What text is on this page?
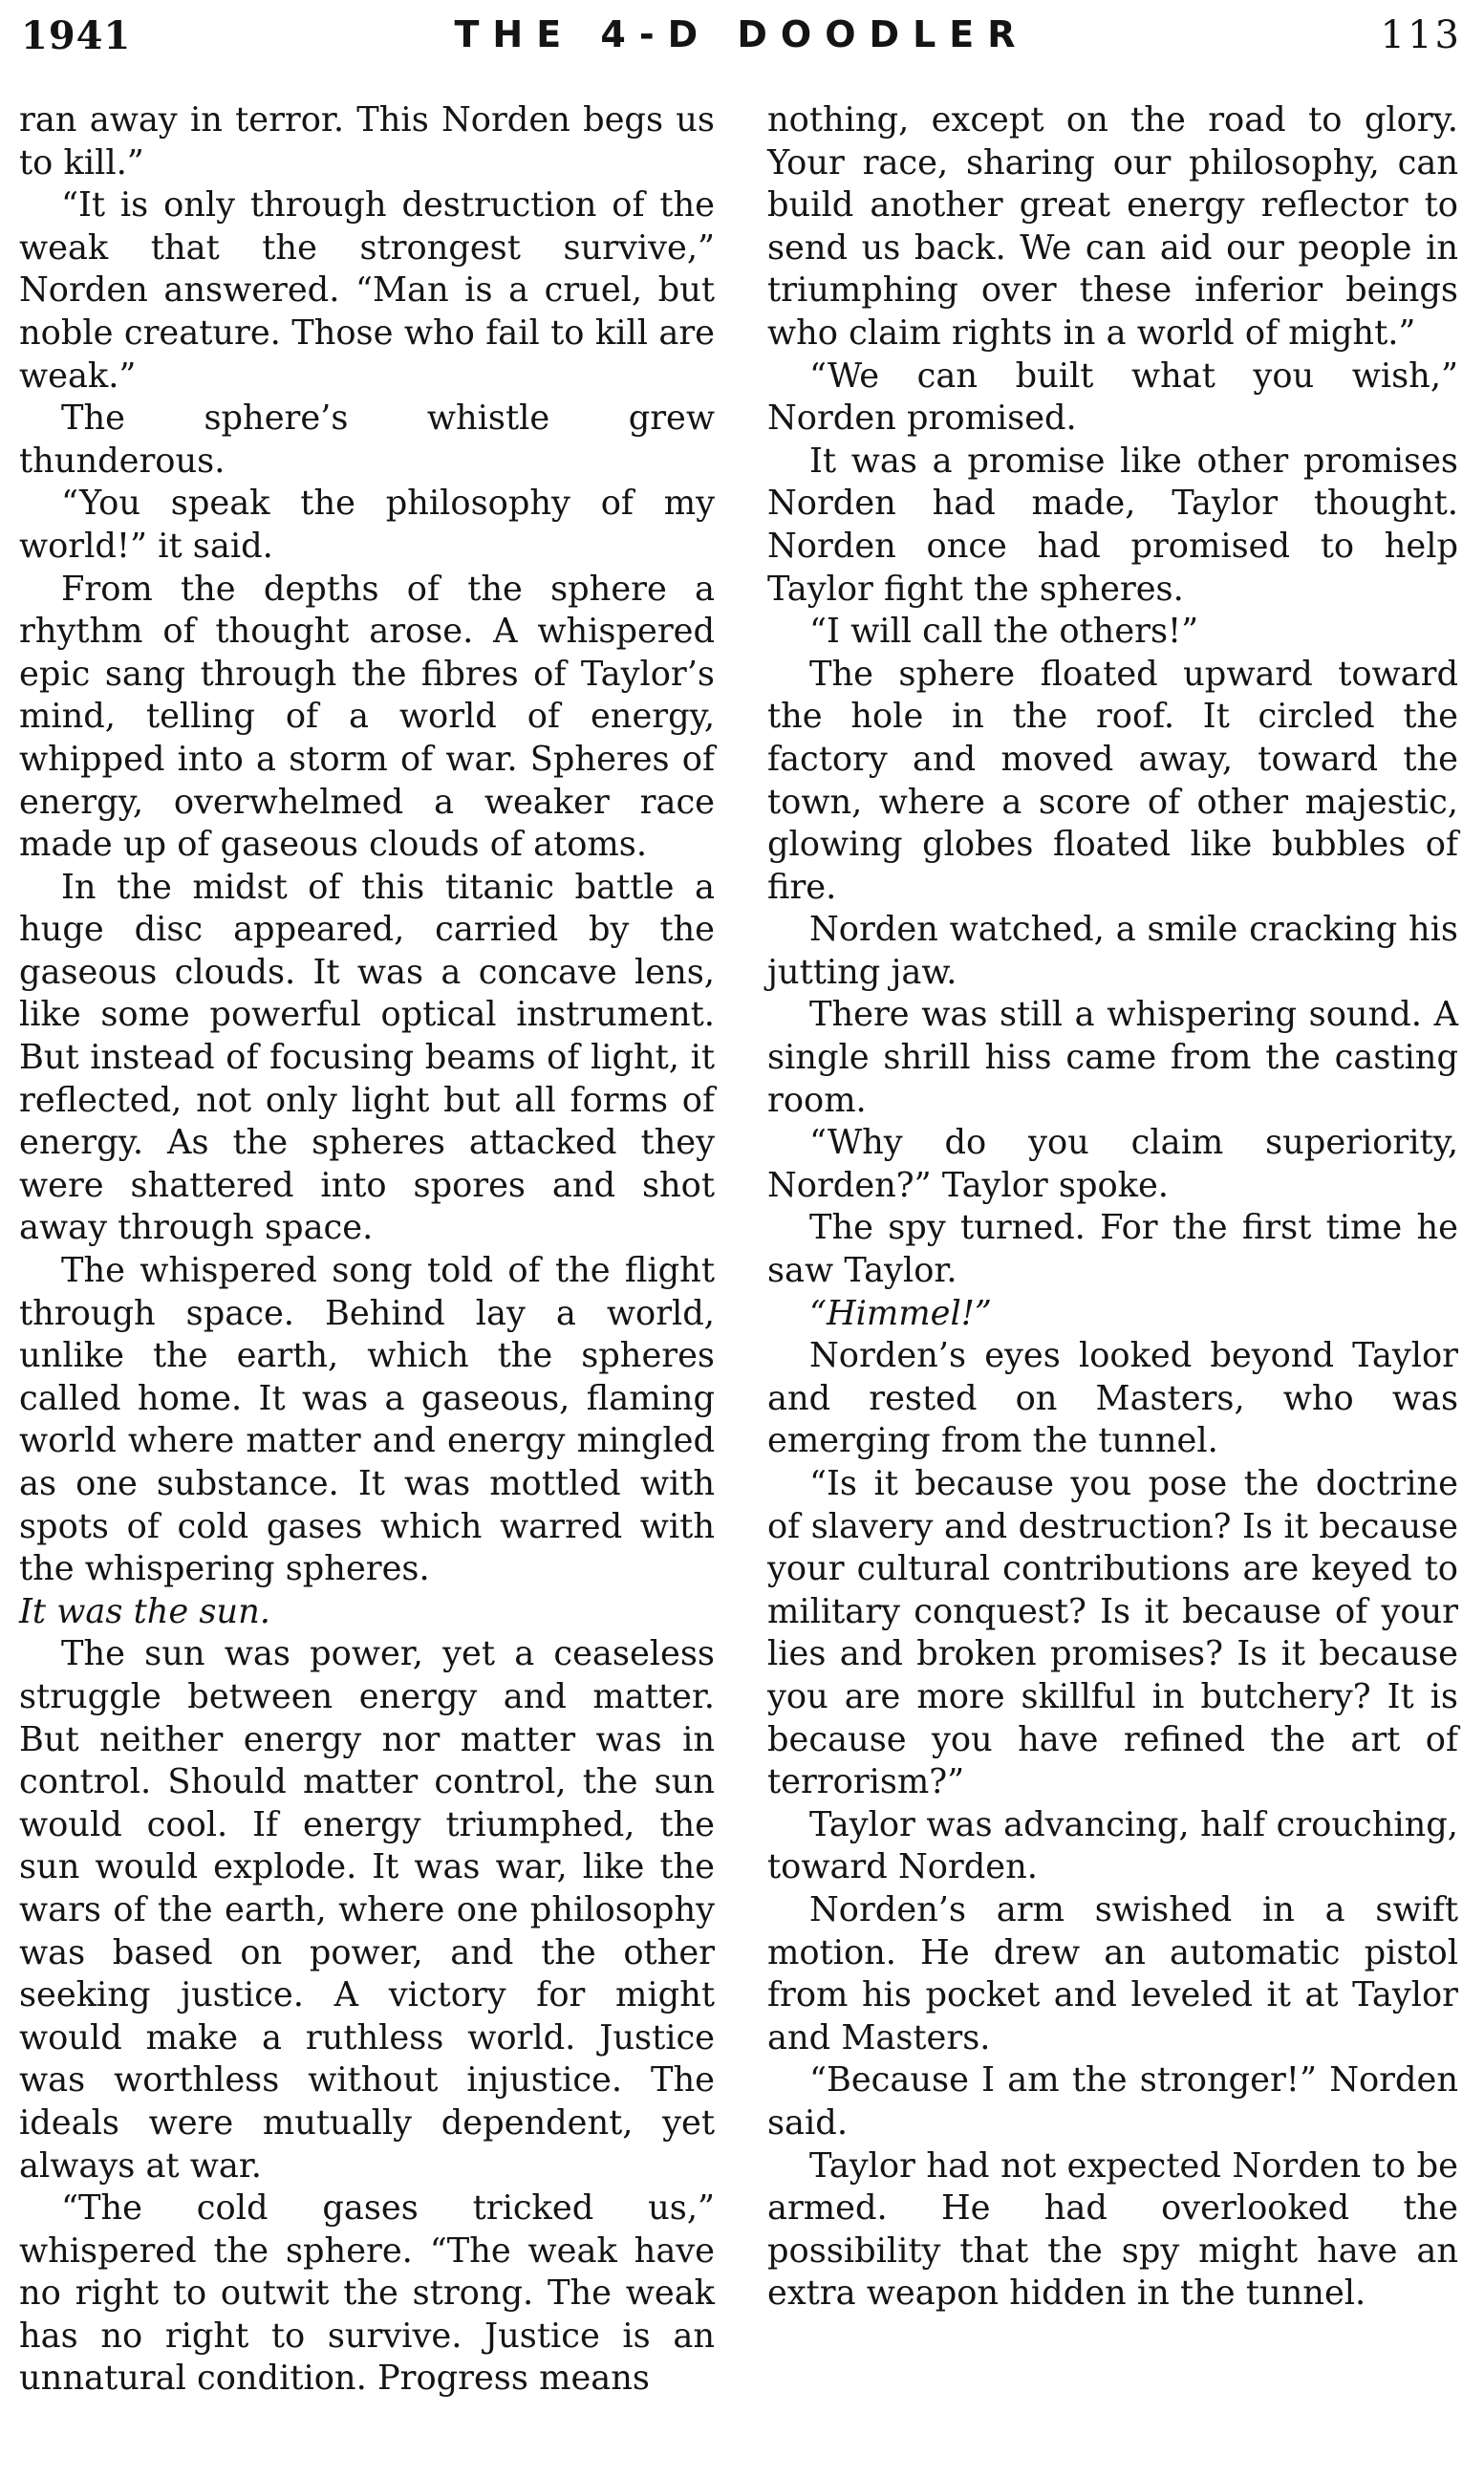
1941	THE 4-D DOODLER	113

ran away in terror. This Norden begs us to kill.”

“It is only through destruction of the weak that the strongest survive,” Norden answered. “Man is a cruel, but noble creature. Those who fail to kill are weak.”

The sphere’s whistle grew thunderous.

“You speak the philosophy of my world!” it said.

From the depths of the sphere a rhythm of thought arose. A whispered epic sang through the fibres of Taylor’s mind, telling of a world of energy, whipped into a storm of war. Spheres of energy, overwhelmed a weaker race made up of gaseous clouds of atoms.

In the midst of this titanic battle a huge disc appeared, carried by the gaseous clouds. It was a concave lens, like some powerful optical instrument. But instead of focusing beams of light, it reflected, not only light but all forms of energy. As the spheres attacked they were shattered into spores and shot away through space.

The whispered song told of the flight through space. Behind lay a world, unlike the earth, which the spheres called home. It was a gaseous, flaming world where matter and energy mingled as one substance. It was mottled with spots of cold gases which warred with the whispering spheres.

It was the sun.

The sun was power, yet a ceaseless struggle between energy and matter. But neither energy nor matter was in control. Should matter control, the sun would cool. If energy triumphed, the sun would explode. It was war, like the wars of the earth, where one philosophy was based on power, and the other seeking justice. A victory for might would make a ruthless world. Justice was worthless without injustice. The ideals were mutually dependent, yet always at war.

“The cold gases tricked us,” whispered the sphere. “The weak have no right to outwit the strong. The weak has no right to survive. Justice is an unnatural condition. Progress means

nothing, except on the road to glory. Your race, sharing our philosophy, can build another great energy reflector to send us back. We can aid our people in triumphing over these inferior beings who claim rights in a world of might.”

“We can built what you wish,” Norden promised.

It was a promise like other promises Norden had made, Taylor thought. Norden once had promised to help Taylor fight the spheres.

“I will call the others!”

The sphere floated upward toward the hole in the roof. It circled the factory and moved away, toward the town, where a score of other majestic, glowing globes floated like bubbles of fire.

Norden watched, a smile cracking his jutting jaw.

There was still a whispering sound. A single shrill hiss came from the casting room.

“Why do you claim superiority, Norden?” Taylor spoke.

The spy turned. For the first time he saw Taylor.

“Himmel!”

Norden’s eyes looked beyond Taylor and rested on Masters, who was emerging from the tunnel.

“Is it because you pose the doctrine of slavery and destruction? Is it because your cultural contributions are keyed to military conquest? Is it because of your lies and broken promises? Is it because you are more skillful in butchery? It is because you have refined the art of terrorism?”

Taylor was advancing, half crouching, toward Norden.

Norden’s arm swished in a swift motion. He drew an automatic pistol from his pocket and leveled it at Taylor and Masters.

“Because I am the stronger!” Norden said.

Taylor had not expected Norden to be armed. He had overlooked the possibility that the spy might have an extra weapon hidden in the tunnel.
